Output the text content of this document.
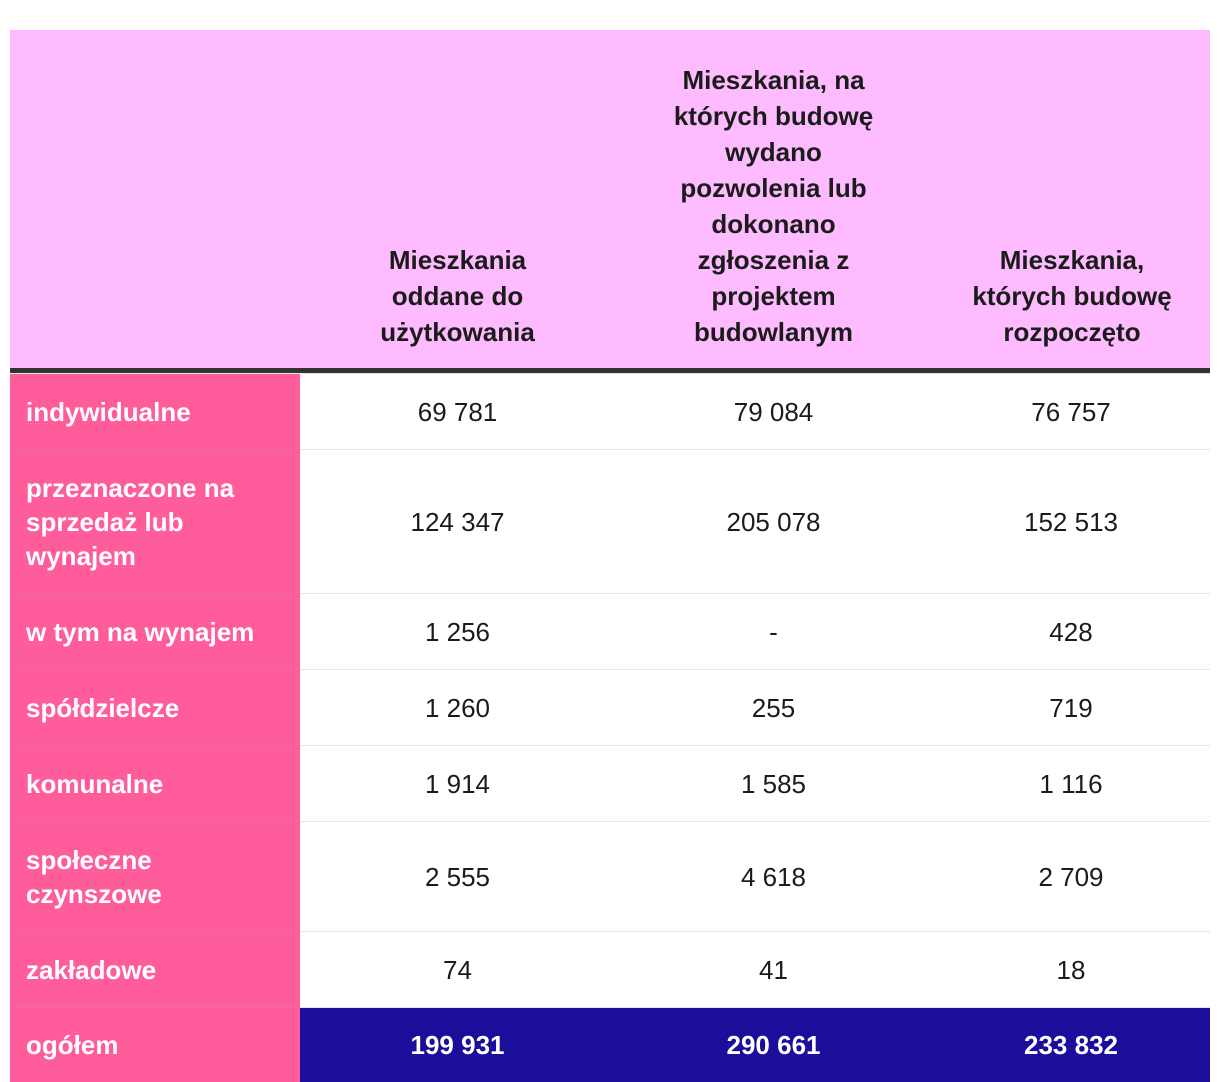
	Mieszkania oddane do użytkowania	Mieszkania, na których budowę wydano pozwolenia lub dokonano zgłoszenia z projektem budowlanym	Mieszkania, których budowę rozpoczęto

indywidualne	69 781	79 084	76 757
przeznaczone na sprzedaż lub wynajem	124 347	205 078	152 513
w tym na wynajem	1 256	-	428
spółdzielcze	1 260	255	719
komunalne	1 914	1 585	1 116
społeczne czynszowe	2 555	4 618	2 709
zakładowe	74	41	18
ogółem	199 931	290 661	233 832
